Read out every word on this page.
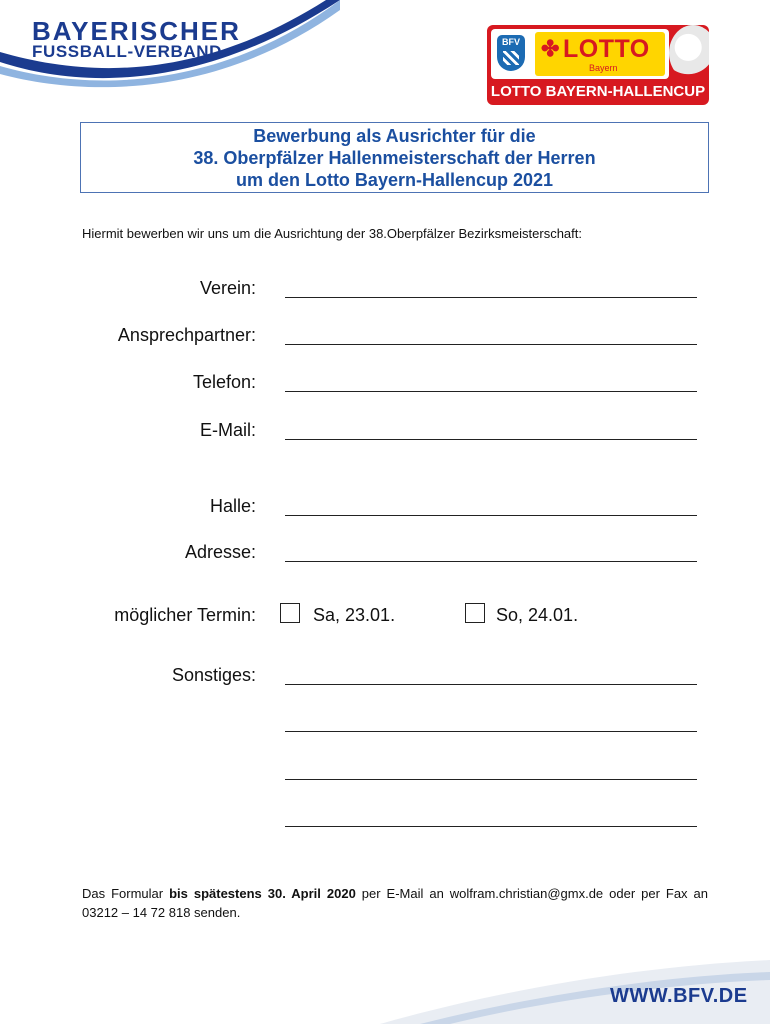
BAYERISCHER
FUSSBALL-VERBAND	BFV ✤ LOTTO
Bayern
LOTTO BAYERN-HALLENCUP
Bewerbung als Ausrichter für die
38. Oberpfälzer Hallenmeisterschaft der Herren
um den Lotto Bayern-Hallencup 2021
Hiermit bewerben wir uns um die Ausrichtung der 38.Oberpfälzer Bezirksmeisterschaft:
Verein:
Ansprechpartner:
Telefon:
E-Mail:
Halle:
Adresse:
möglicher Termin:	Sa, 23.01.	So, 24.01.
Sonstiges:
Das Formular bis spätestens 30. April 2020 per E-Mail an wolfram.christian@gmx.de oder per Fax an 03212 – 14 72 818 senden.
WWW.BFV.DE
